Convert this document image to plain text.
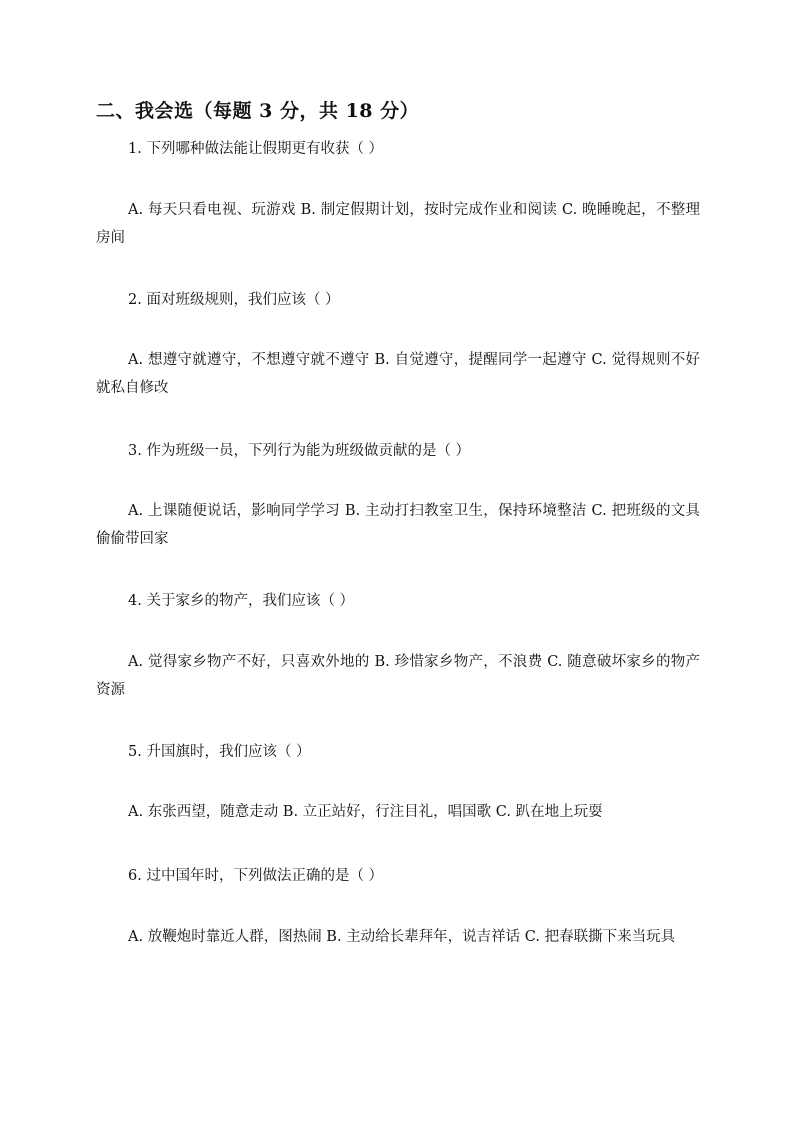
二、我会选（每题 3 分，共 18 分）
1. 下列哪种做法能让假期更有收获（ ）
A. 每天只看电视、玩游戏 B. 制定假期计划，按时完成作业和阅读 C. 晚睡晚起，不整理房间
2. 面对班级规则，我们应该（ ）
A. 想遵守就遵守，不想遵守就不遵守 B. 自觉遵守，提醒同学一起遵守 C. 觉得规则不好就私自修改
3. 作为班级一员，下列行为能为班级做贡献的是（ ）
A. 上课随便说话，影响同学学习 B. 主动打扫教室卫生，保持环境整洁 C. 把班级的文具偷偷带回家
4. 关于家乡的物产，我们应该（ ）
A. 觉得家乡物产不好，只喜欢外地的 B. 珍惜家乡物产，不浪费 C. 随意破坏家乡的物产资源
5. 升国旗时，我们应该（ ）
A. 东张西望，随意走动 B. 立正站好，行注目礼，唱国歌 C. 趴在地上玩耍
6. 过中国年时，下列做法正确的是（ ）
A. 放鞭炮时靠近人群，图热闹 B. 主动给长辈拜年，说吉祥话 C. 把春联撕下来当玩具
